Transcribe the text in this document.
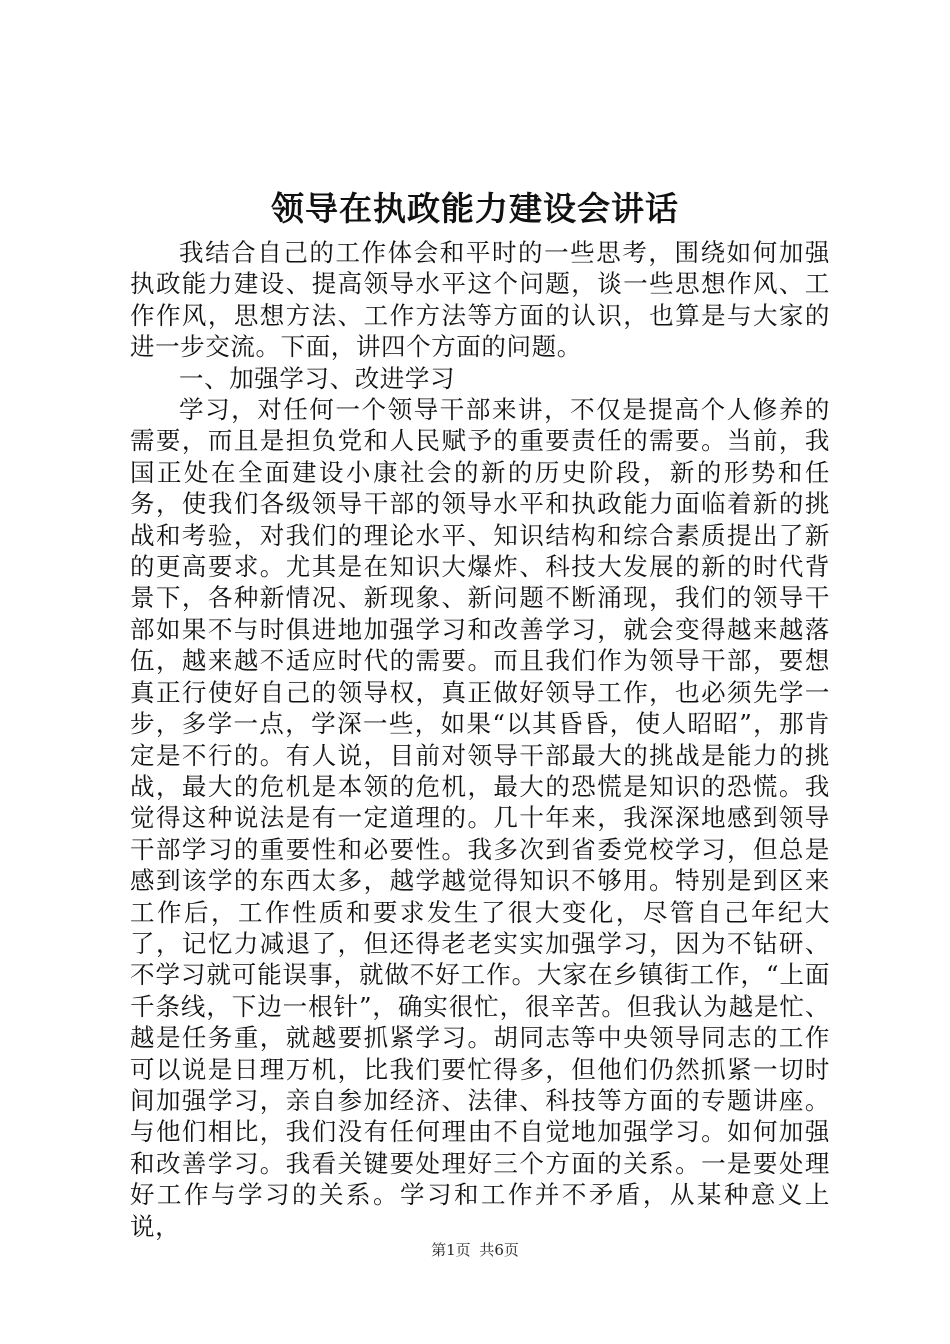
领导在执政能力建设会讲话

我结合自己的工作体会和平时的一些思考，围绕如何加强执政能力建设、提高领导水平这个问题，谈一些思想作风、工作作风，思想方法、工作方法等方面的认识，也算是与大家的进一步交流。下面，讲四个方面的问题。

一、加强学习、改进学习

学习，对任何一个领导干部来讲，不仅是提高个人修养的需要，而且是担负党和人民赋予的重要责任的需要。当前，我国正处在全面建设小康社会的新的历史阶段，新的形势和任务，使我们各级领导干部的领导水平和执政能力面临着新的挑战和考验，对我们的理论水平、知识结构和综合素质提出了新的更高要求。尤其是在知识大爆炸、科技大发展的新的时代背景下，各种新情况、新现象、新问题不断涌现，我们的领导干部如果不与时俱进地加强学习和改善学习，就会变得越来越落伍，越来越不适应时代的需要。而且我们作为领导干部，要想真正行使好自己的领导权，真正做好领导工作，也必须先学一步，多学一点，学深一些，如果“以其昏昏，使人昭昭”，那肯定是不行的。有人说，目前对领导干部最大的挑战是能力的挑战，最大的危机是本领的危机，最大的恐慌是知识的恐慌。我觉得这种说法是有一定道理的。几十年来，我深深地感到领导干部学习的重要性和必要性。我多次到省委党校学习，但总是感到该学的东西太多，越学越觉得知识不够用。特别是到区来工作后，工作性质和要求发生了很大变化，尽管自己年纪大了，记忆力减退了，但还得老老实实加强学习，因为不钻研、不学习就可能误事，就做不好工作。大家在乡镇街工作，“上面千条线，下边一根针”，确实很忙，很辛苦。但我认为越是忙、越是任务重，就越要抓紧学习。胡同志等中央领导同志的工作可以说是日理万机，比我们要忙得多，但他们仍然抓紧一切时间加强学习，亲自参加经济、法律、科技等方面的专题讲座。与他们相比，我们没有任何理由不自觉地加强学习。如何加强和改善学习。我看关键要处理好三个方面的关系。一是要处理好工作与学习的关系。学习和工作并不矛盾，从某种意义上说，

第1页 共6页
